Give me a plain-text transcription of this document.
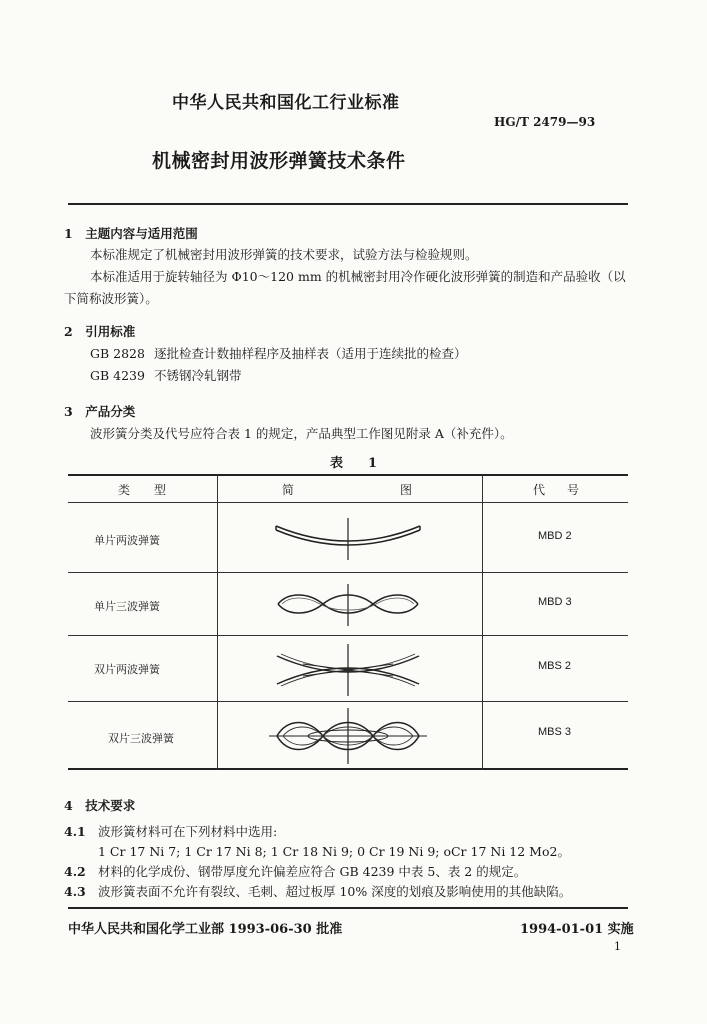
中华人民共和国化工行业标准
HG/T 2479—93
机械密封用波形弹簧技术条件
1　主题内容与适用范围
本标准规定了机械密封用波形弹簧的技术要求，试验方法与检验规则。
本标准适用于旋转轴径为 Φ10～120 mm 的机械密封用冷作硬化波形弹簧的制造和产品验收（以
下简称波形簧）。
2　引用标准
GB 2828 逐批检查计数抽样程序及抽样表（适用于连续批的检查）
GB 4239 不锈钢冷轧钢带
3　产品分类
波形簧分类及代号应符合表 1 的规定，产品典型工作图见附录 A（补充件）。
表　1
类　　型	简	图	代 号
单片两波弹簧	MBD 2
单片三波弹簧	MBD 3
双片两波弹簧	MBS 2
双片三波弹簧	MBS 3
4　技术要求
4.1 波形簧材料可在下列材料中选用:
1 Cr 17 Ni 7; 1 Cr 17 Ni 8; 1 Cr 18 Ni 9; 0 Cr 19 Ni 9; oCr 17 Ni 12 Mo2。
4.2 材料的化学成份、钢带厚度允许偏差应符合 GB 4239 中表 5、表 2 的规定。
4.3 波形簧表面不允许有裂纹、毛刺、超过板厚 10% 深度的划痕及影响使用的其他缺陷。
中华人民共和国化学工业部 1993-06-30 批准	1994-01-01 实施
1
